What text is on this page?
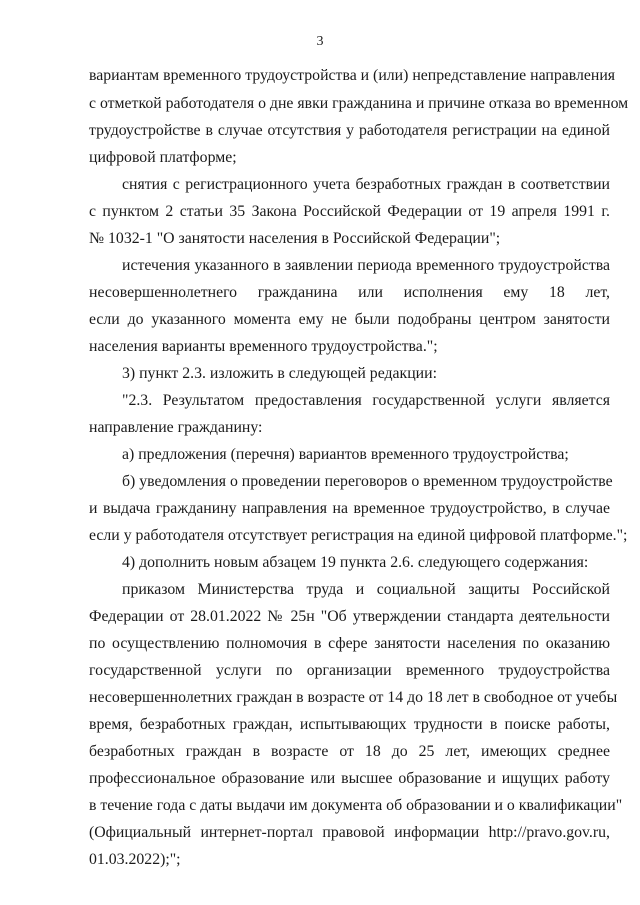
3
вариантам временного трудоустройства и (или) непредставление направления
с отметкой работодателя о дне явки гражданина и причине отказа во временном
трудоустройстве в случае отсутствия у работодателя регистрации на единой
цифровой платформе;
снятия с регистрационного учета безработных граждан в соответствии
с пунктом 2 статьи 35 Закона Российской Федерации от 19 апреля 1991 г.
№ 1032-1 "О занятости населения в Российской Федерации";
истечения указанного в заявлении периода временного трудоустройства
несовершеннолетнего гражданина или исполнения ему 18 лет,
если до указанного момента ему не были подобраны центром занятости
населения варианты временного трудоустройства.";
3) пункт 2.3. изложить в следующей редакции:
"2.3. Результатом предоставления государственной услуги является
направление гражданину:
а) предложения (перечня) вариантов временного трудоустройства;
б) уведомления о проведении переговоров о временном трудоустройстве
и выдача гражданину направления на временное трудоустройство, в случае
если у работодателя отсутствует регистрация на единой цифровой платформе.";
4) дополнить новым абзацем 19 пункта 2.6. следующего содержания:
приказом Министерства труда и социальной защиты Российской
Федерации от 28.01.2022 № 25н "Об утверждении стандарта деятельности
по осуществлению полномочия в сфере занятости населения по оказанию
государственной услуги по организации временного трудоустройства
несовершеннолетних граждан в возрасте от 14 до 18 лет в свободное от учебы
время, безработных граждан, испытывающих трудности в поиске работы,
безработных граждан в возрасте от 18 до 25 лет, имеющих среднее
профессиональное образование или высшее образование и ищущих работу
в течение года с даты выдачи им документа об образовании и о квалификации"
(Официальный интернет-портал правовой информации http://pravo.gov.ru,
01.03.2022);";
